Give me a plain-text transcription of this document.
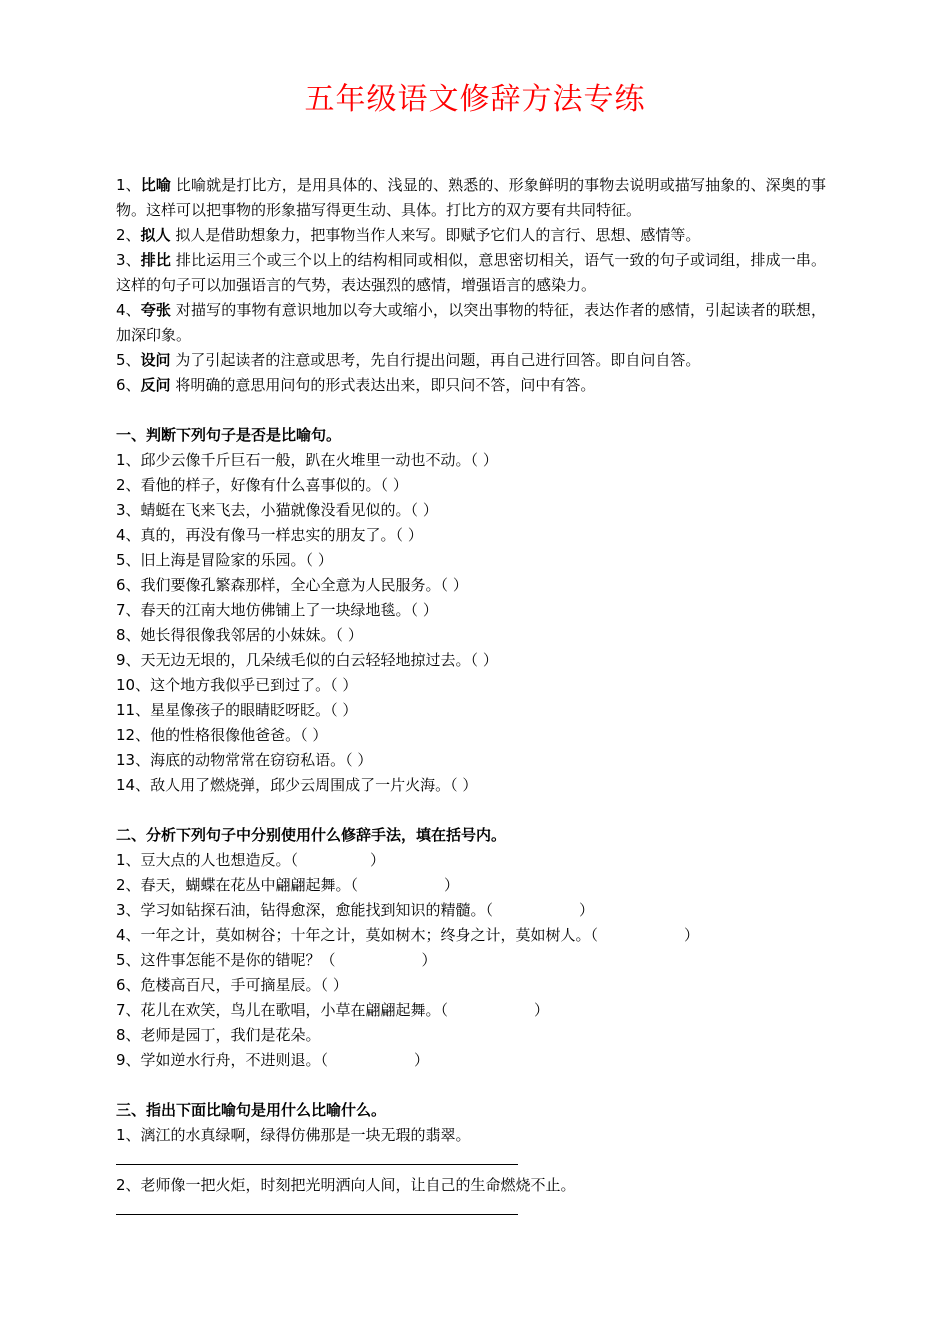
五年级语文修辞方法专练
1、比喻 比喻就是打比方，是用具体的、浅显的、熟悉的、形象鲜明的事物去说明或描写抽象的、深奥的事物。这样可以把事物的形象描写得更生动、具体。打比方的双方要有共同特征。
2、拟人 拟人是借助想象力，把事物当作人来写。即赋予它们人的言行、思想、感情等。
3、排比 排比运用三个或三个以上的结构相同或相似，意思密切相关，语气一致的句子或词组，排成一串。这样的句子可以加强语言的气势，表达强烈的感情，增强语言的感染力。
4、夸张 对描写的事物有意识地加以夸大或缩小，以突出事物的特征，表达作者的感情，引起读者的联想，加深印象。
5、设问 为了引起读者的注意或思考，先自行提出问题，再自己进行回答。即自问自答。
6、反问 将明确的意思用问句的形式表达出来，即只问不答，问中有答。
一、判断下列句子是否是比喻句。
1、邱少云像千斤巨石一般，趴在火堆里一动也不动。（ ）
2、看他的样子，好像有什么喜事似的。（ ）
3、蜻蜓在飞来飞去，小猫就像没看见似的。（ ）
4、真的，再没有像马一样忠实的朋友了。（ ）
5、旧上海是冒险家的乐园。（ ）
6、我们要像孔繁森那样，全心全意为人民服务。（ ）
7、春天的江南大地仿佛铺上了一块绿地毯。（ ）
8、她长得很像我邻居的小妹妹。（ ）
9、天无边无垠的，几朵绒毛似的白云轻轻地掠过去。（ ）
10、这个地方我似乎已到过了。（ ）
11、星星像孩子的眼睛眨呀眨。（ ）
12、他的性格很像他爸爸。（ ）
13、海底的动物常常在窃窃私语。（ ）
14、敌人用了燃烧弹，邱少云周围成了一片火海。（ ）
二、分析下列句子中分别使用什么修辞手法，填在括号内。
1、豆大点的人也想造反。（	）
2、春天，蝴蝶在花丛中翩翩起舞。（	）
3、学习如钻探石油，钻得愈深，愈能找到知识的精髓。（	）
4、一年之计，莫如树谷；十年之计，莫如树木；终身之计，莫如树人。（	）
5、这件事怎能不是你的错呢？（	）
6、危楼高百尺，手可摘星辰。（ ）
7、花儿在欢笑，鸟儿在歌唱，小草在翩翩起舞。（	）
8、老师是园丁，我们是花朵。
9、学如逆水行舟，不进则退。（	）
三、指出下面比喻句是用什么比喻什么。
1、漓江的水真绿啊，绿得仿佛那是一块无瑕的翡翠。
2、老师像一把火炬，时刻把光明洒向人间，让自己的生命燃烧不止。
